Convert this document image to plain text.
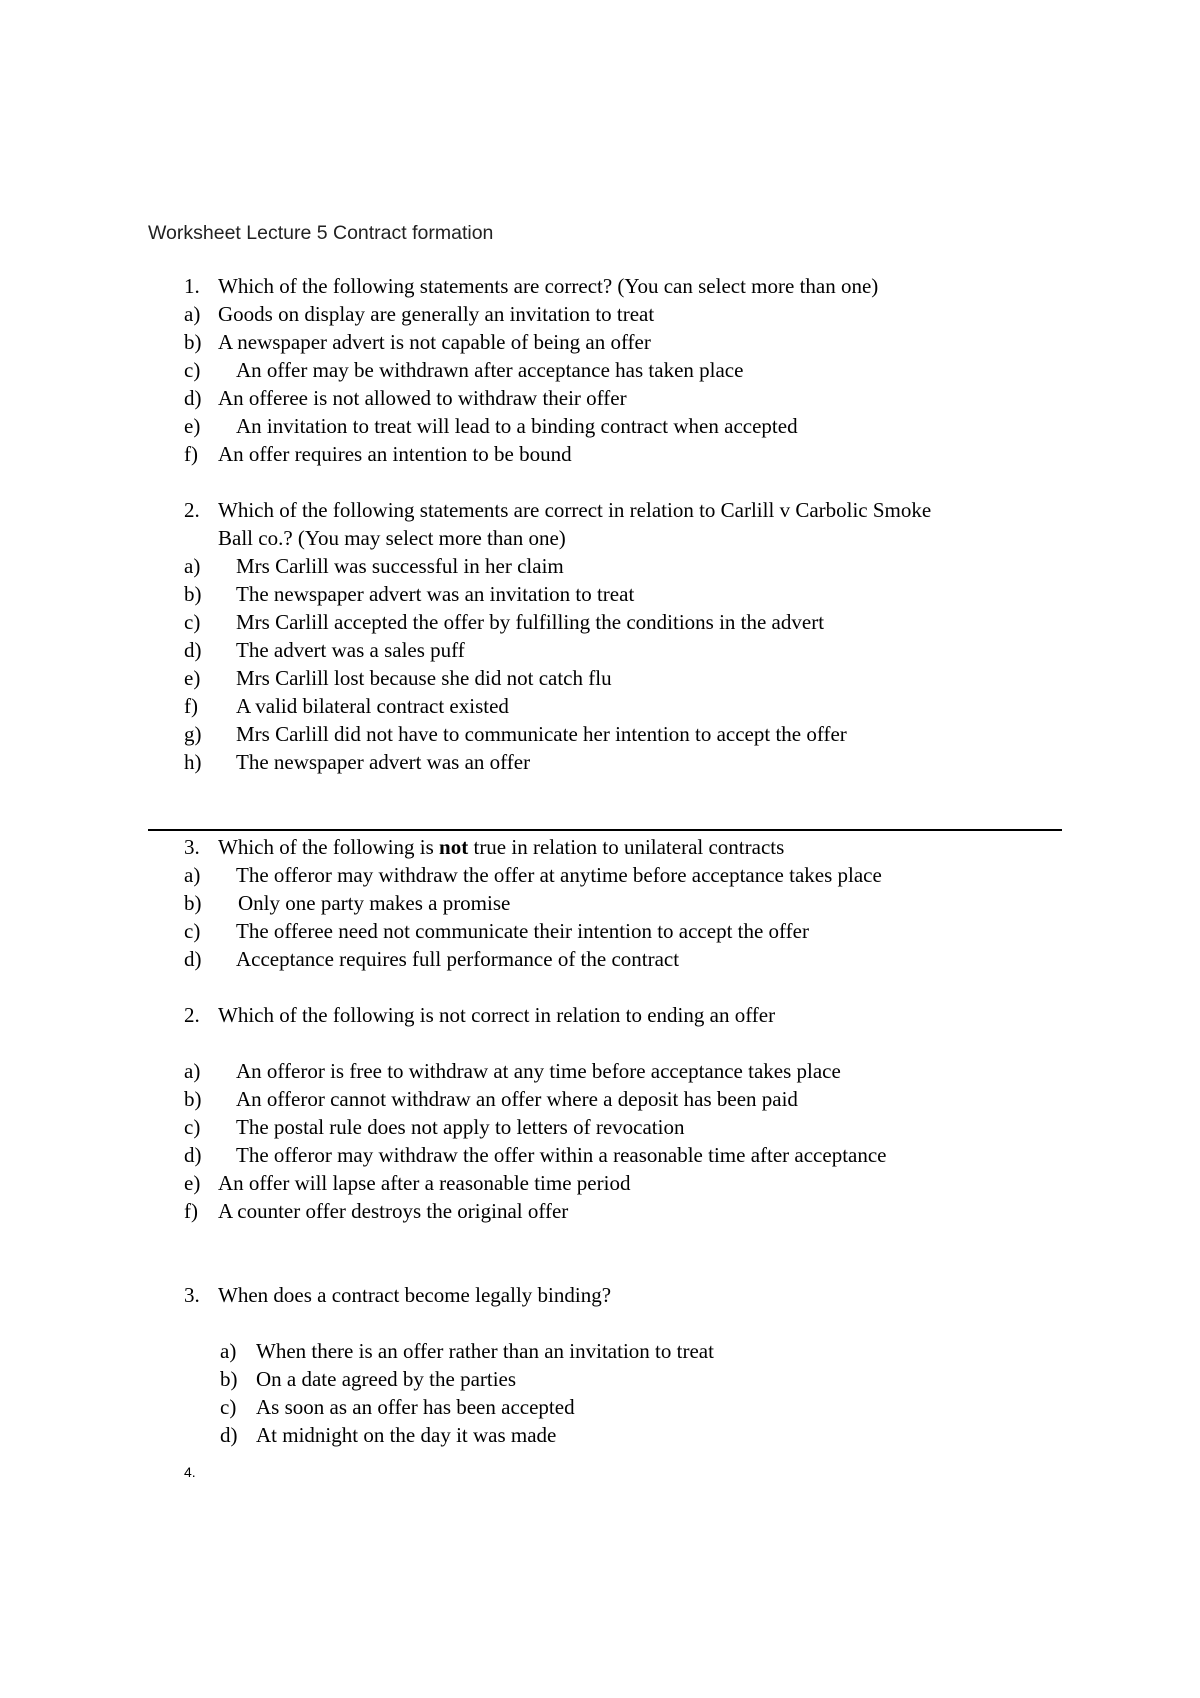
Worksheet Lecture 5 Contract formation
1. Which of the following statements are correct? (You can select more than one)
a) Goods on display are generally an invitation to treat
b) A newspaper advert is not capable of being an offer
c) An offer may be withdrawn after acceptance has taken place
d) An offeree is not allowed to withdraw their offer
e) An invitation to treat will lead to a binding contract when accepted
f) An offer requires an intention to be bound
2. Which of the following statements are correct in relation to Carlill v Carbolic Smoke
Ball co.? (You may select more than one)
a) Mrs Carlill was successful in her claim
b) The newspaper advert was an invitation to treat
c) Mrs Carlill accepted the offer by fulfilling the conditions in the advert
d) The advert was a sales puff
e) Mrs Carlill lost because she did not catch flu
f) A valid bilateral contract existed
g) Mrs Carlill did not have to communicate her intention to accept the offer
h) The newspaper advert was an offer
3. Which of the following is not true in relation to unilateral contracts
a) The offeror may withdraw the offer at anytime before acceptance takes place
b) Only one party makes a promise
c) The offeree need not communicate their intention to accept the offer
d) Acceptance requires full performance of the contract
2. Which of the following is not correct in relation to ending an offer
a) An offeror is free to withdraw at any time before acceptance takes place
b) An offeror cannot withdraw an offer where a deposit has been paid
c) The postal rule does not apply to letters of revocation
d) The offeror may withdraw the offer within a reasonable time after acceptance
e) An offer will lapse after a reasonable time period
f) A counter offer destroys the original offer
3. When does a contract become legally binding?
a) When there is an offer rather than an invitation to treat
b) On a date agreed by the parties
c) As soon as an offer has been accepted
d) At midnight on the day it was made
4.
